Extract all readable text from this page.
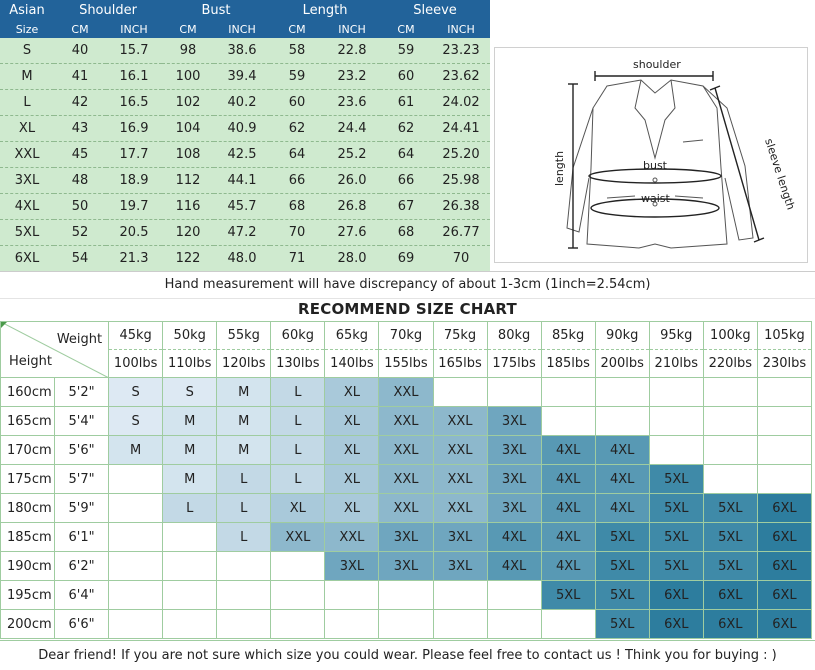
Asian	Shoulder		Bust		Length		Sleeve	
Size	CM	INCH	CM	INCH	CM	INCH	CM	INCH
S	40	15.7	98	38.6	58	22.8	59	23.23
M	41	16.1	100	39.4	59	23.2	60	23.62
L	42	16.5	102	40.2	60	23.6	61	24.02
XL	43	16.9	104	40.9	62	24.4	62	24.41
XXL	45	17.7	108	42.5	64	25.2	64	25.20
3XL	48	18.9	112	44.1	66	26.0	66	25.98
4XL	50	19.7	116	45.7	68	26.8	67	26.38
5XL	52	20.5	120	47.2	70	27.6	68	26.77
6XL	54	21.3	122	48.0	71	28.0	69	70
shoulder
length	bust
waist	sleeve length
Hand measurement will have discrepancy of about 1-3cm (1inch=2.54cm)
RECOMMEND SIZE CHART
Weight
Height		45kg	50kg	55kg	60kg	65kg	70kg	75kg	80kg	85kg	90kg	95kg	100kg	105kg
		100lbs	110lbs	120lbs	130lbs	140lbs	155lbs	165lbs	175lbs	185lbs	200lbs	210lbs	220lbs	230lbs
160cm	5'2"	S	S	M	L	XL	XXL							
165cm	5'4"	S	M	M	L	XL	XXL	XXL	3XL					
170cm	5'6"	M	M	M	L	XL	XXL	XXL	3XL	4XL	4XL			
175cm	5'7"		M	L	L	XL	XXL	XXL	3XL	4XL	4XL	5XL		
180cm	5'9"		L	L	XL	XL	XXL	XXL	3XL	4XL	4XL	5XL	5XL	6XL
185cm	6'1"			L	XXL	XXL	3XL	3XL	4XL	4XL	5XL	5XL	5XL	6XL
190cm	6'2"					3XL	3XL	3XL	4XL	4XL	5XL	5XL	5XL	6XL
195cm	6'4"									5XL	5XL	6XL	6XL	6XL
200cm	6'6"										5XL	6XL	6XL	6XL
Dear friend! If you are not sure which size you could wear. Please feel free to contact us ! Think you for buying : )
